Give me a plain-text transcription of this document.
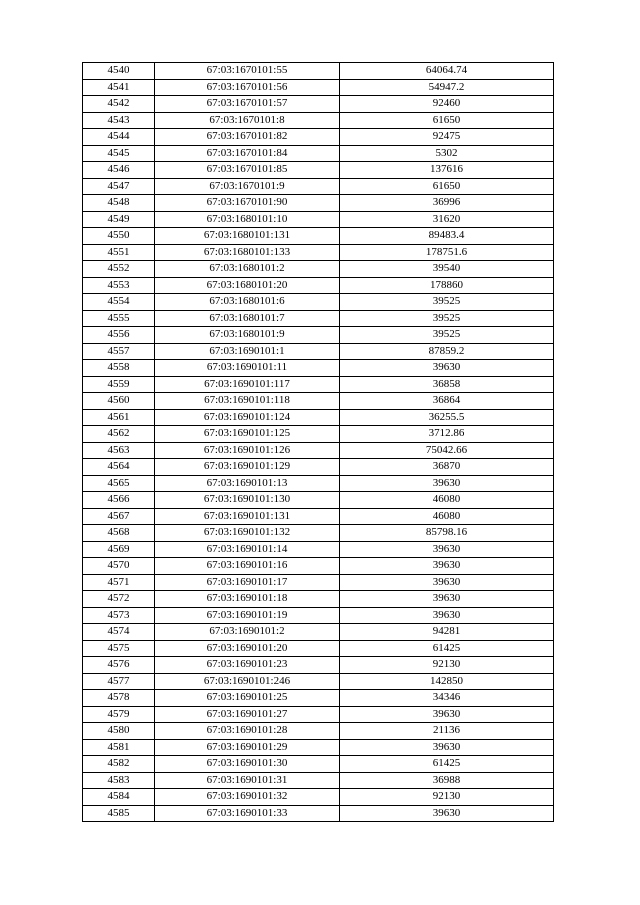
4540	67:03:1670101:55	64064.74
4541	67:03:1670101:56	54947.2
4542	67:03:1670101:57	92460
4543	67:03:1670101:8	61650
4544	67:03:1670101:82	92475
4545	67:03:1670101:84	5302
4546	67:03:1670101:85	137616
4547	67:03:1670101:9	61650
4548	67:03:1670101:90	36996
4549	67:03:1680101:10	31620
4550	67:03:1680101:131	89483.4
4551	67:03:1680101:133	178751.6
4552	67:03:1680101:2	39540
4553	67:03:1680101:20	178860
4554	67:03:1680101:6	39525
4555	67:03:1680101:7	39525
4556	67:03:1680101:9	39525
4557	67:03:1690101:1	87859.2
4558	67:03:1690101:11	39630
4559	67:03:1690101:117	36858
4560	67:03:1690101:118	36864
4561	67:03:1690101:124	36255.5
4562	67:03:1690101:125	3712.86
4563	67:03:1690101:126	75042.66
4564	67:03:1690101:129	36870
4565	67:03:1690101:13	39630
4566	67:03:1690101:130	46080
4567	67:03:1690101:131	46080
4568	67:03:1690101:132	85798.16
4569	67:03:1690101:14	39630
4570	67:03:1690101:16	39630
4571	67:03:1690101:17	39630
4572	67:03:1690101:18	39630
4573	67:03:1690101:19	39630
4574	67:03:1690101:2	94281
4575	67:03:1690101:20	61425
4576	67:03:1690101:23	92130
4577	67:03:1690101:246	142850
4578	67:03:1690101:25	34346
4579	67:03:1690101:27	39630
4580	67:03:1690101:28	21136
4581	67:03:1690101:29	39630
4582	67:03:1690101:30	61425
4583	67:03:1690101:31	36988
4584	67:03:1690101:32	92130
4585	67:03:1690101:33	39630
